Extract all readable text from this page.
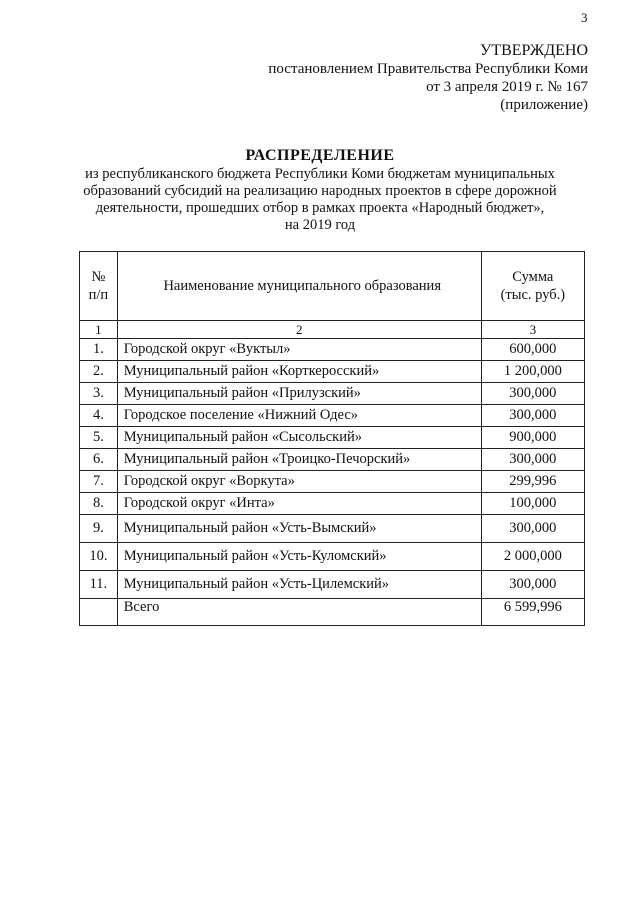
3
УТВЕРЖДЕНО
постановлением Правительства Республики Коми
от 3 апреля 2019 г. № 167
(приложение)
РАСПРЕДЕЛЕНИЕ
из республиканского бюджета Республики Коми бюджетам муниципальных
образований субсидий на реализацию народных проектов в сфере дорожной
деятельности, прошедших отбор в рамках проекта «Народный бюджет»,
на 2019 год
№
п/п	Наименование муниципального образования	Сумма
(тыс. руб.)
1	2	3
1.	Городской округ «Вуктыл»	600,000
2.	Муниципальный район «Корткеросский»	1 200,000
3.	Муниципальный район «Прилузский»	300,000
4.	Городское поселение «Нижний Одес»	300,000
5.	Муниципальный район «Сысольский»	900,000
6.	Муниципальный район «Троицко-Печорский»	300,000
7.	Городской округ «Воркута»	299,996
8.	Городской округ «Инта»	100,000
9.	Муниципальный район «Усть-Вымский»	300,000
10.	Муниципальный район «Усть-Куломский»	2 000,000
11.	Муниципальный район «Усть-Цилемский»	300,000
	Всего	6 599,996
